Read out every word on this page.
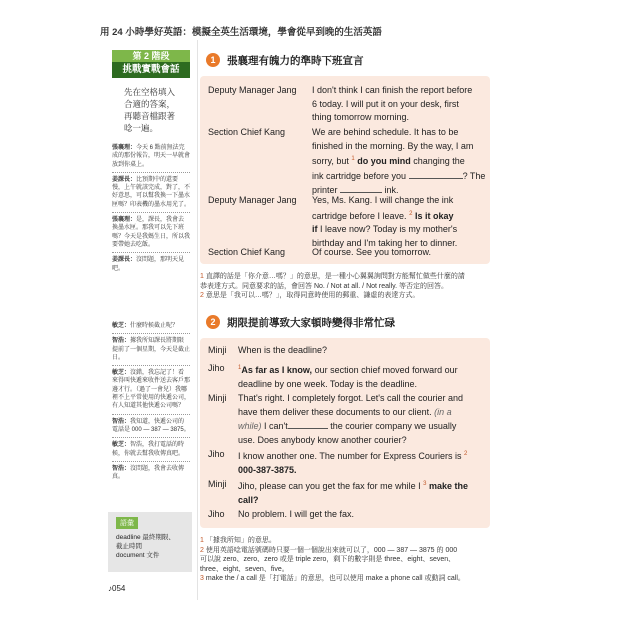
用 24 小時學好英語：模擬全英生活環境，學會從早到晚的生活英語
第 2 階段
挑戰實戰會話
先在空格填入
合適的答案，
再聽音檔跟著
唸一遍。
張襄理：今天 6 點前無法完成的那份報告，明天一早就會放到你桌上。
姜課長：比預期中的還要慢，上午就該完成，對了，不好意思，可以幫我換一下墨水匣嗎？印表機的墨水用光了。
張襄理：是，課長，我會去換墨水匣。那我可以先下班嗎？今天是我媽生日，所以我要帶她去吃飯。
姜課長：沒問題，那明天見吧。
敏芝：什麼時候截止呢？
智浩：據我所知課長將期限提前了一個星期，今天是截止日。
敏芝：沒錯，我忘記了！看來得叫快遞來收件送去客戶那邊才行。（過了一會兒）我哪裡不上平常使用的快遞公司，有人知道其他快遞公司嗎？
智浩：我知道，快遞公司的電話是 000 — 387 — 3875。
敏芝：智浩，我打電話的時候，你就去幫我收傳真吧。
智浩：沒問題，我會去收傳真。
語彙
deadline 最終期限、
截止時間
document 文件
♪054
1	張襄理有魄力的準時下班宣言
Deputy Manager Jang I don't think I can finish the report before
6 today. I will put it on your desk, first
thing tomorrow morning.
Section Chief Kang	We are behind schedule. It has to be
finished in the morning. By the way, I am
sorry, but $^1$ do you mind changing the
ink cartridge before you	? The
printer	ink.
Deputy Manager Jang Yes, Ms. Kang. I will change the ink
cartridge before I leave. $^2$ Is it okay
if I leave now? Today is my mother's
birthday and I'm taking her to dinner.
Section Chief Kang	Of course. See you tomorrow.
1 直譯的話是「你介意…嗎？」的意思，是一種小心翼翼詢問對方能幫忙做些什麼的請
恭表達方式。同意要求的話，會回答 No. / Not at all. / Not really. 等否定的回答。
2 意思是「我可以…嗎？」，取得同意時使用的郵重、謙虛的表達方式。
2	期限提前導致大家頓時變得非常忙碌
Minji When is the deadline?
Jiho $^1$As far as I know, our section chief moved forward our
deadline by one week. Today is the deadline.
Minji That's right. I completely forgot. Let's call the courier and
have them deliver these documents to our client. (in a
while) I can't	the courier company we usually
use. Does anybody know another courier?
Jiho I know another one. The number for Express Couriers is $^2$
000-387-3875.
Minji Jiho, please can you get the fax for me while I $^3$ make the
call?
Jiho No problem. I will get the fax.
1 「據我所知」的意思。
2 使用英語唸電話號碼時只要一個一個說出來就可以了，000 — 387 — 3875 的 000
可以說 zero、zero、zero 或是 triple zero，剩下的數字則是 three、eight、seven、
three、eight、seven、five。
3 make the / a call 是「打電話」的意思，也可以使用 make a phone call 或動詞 call。
